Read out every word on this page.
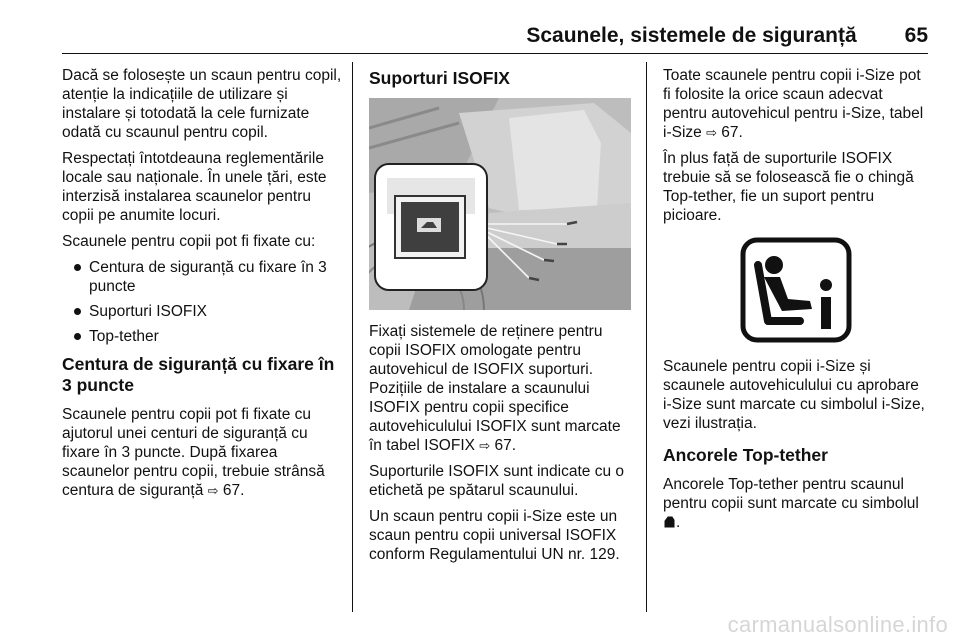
Scaunele, sistemele de siguranță 65

Dacă se folosește un scaun pentru copil, atenție la indicațiile de utilizare și instalare și totodată la cele furnizate odată cu scaunul pentru copil.

Respectați întotdeauna reglementările locale sau naționale. În unele țări, este interzisă instalarea scaunelor pentru copii pe anumite locuri.

Scaunele pentru copii pot fi fixate cu:

Centura de siguranță cu fixare în 3 puncte
Suporturi ISOFIX
Top-tether
Centura de siguranță cu fixare în 3 puncte

Scaunele pentru copii pot fi fixate cu ajutorul unei centuri de siguranță cu fixare în 3 puncte. După fixarea scaunelor pentru copii, trebuie strânsă centura de siguranță ⇨ 67.

Suporturi ISOFIX

Fixați sistemele de reținere pentru copii ISOFIX omologate pentru autovehicul de ISOFIX suporturi. Pozițiile de instalare a scaunului ISOFIX pentru copii specifice autovehiculului ISOFIX sunt marcate în tabel ISOFIX ⇨ 67.

Suporturile ISOFIX sunt indicate cu o etichetă pe spătarul scaunului.

Un scaun pentru copii i-Size este un scaun pentru copii universal ISOFIX conform Regulamentului UN nr. 129.

Toate scaunele pentru copii i-Size pot fi folosite la orice scaun adecvat pentru autovehicul pentru i-Size, tabel i-Size ⇨ 67.

În plus față de suporturile ISOFIX trebuie să se folosească fie o chingă Top-tether, fie un suport pentru picioare.

Scaunele pentru copii i-Size și scaunele autovehiculului cu aprobare i-Size sunt marcate cu simbolul i-Size, vezi ilustrația.

Ancorele Top-tether

Ancorele Top-tether pentru scaunul pentru copii sunt marcate cu simbolul .

carmanualsonline.info
